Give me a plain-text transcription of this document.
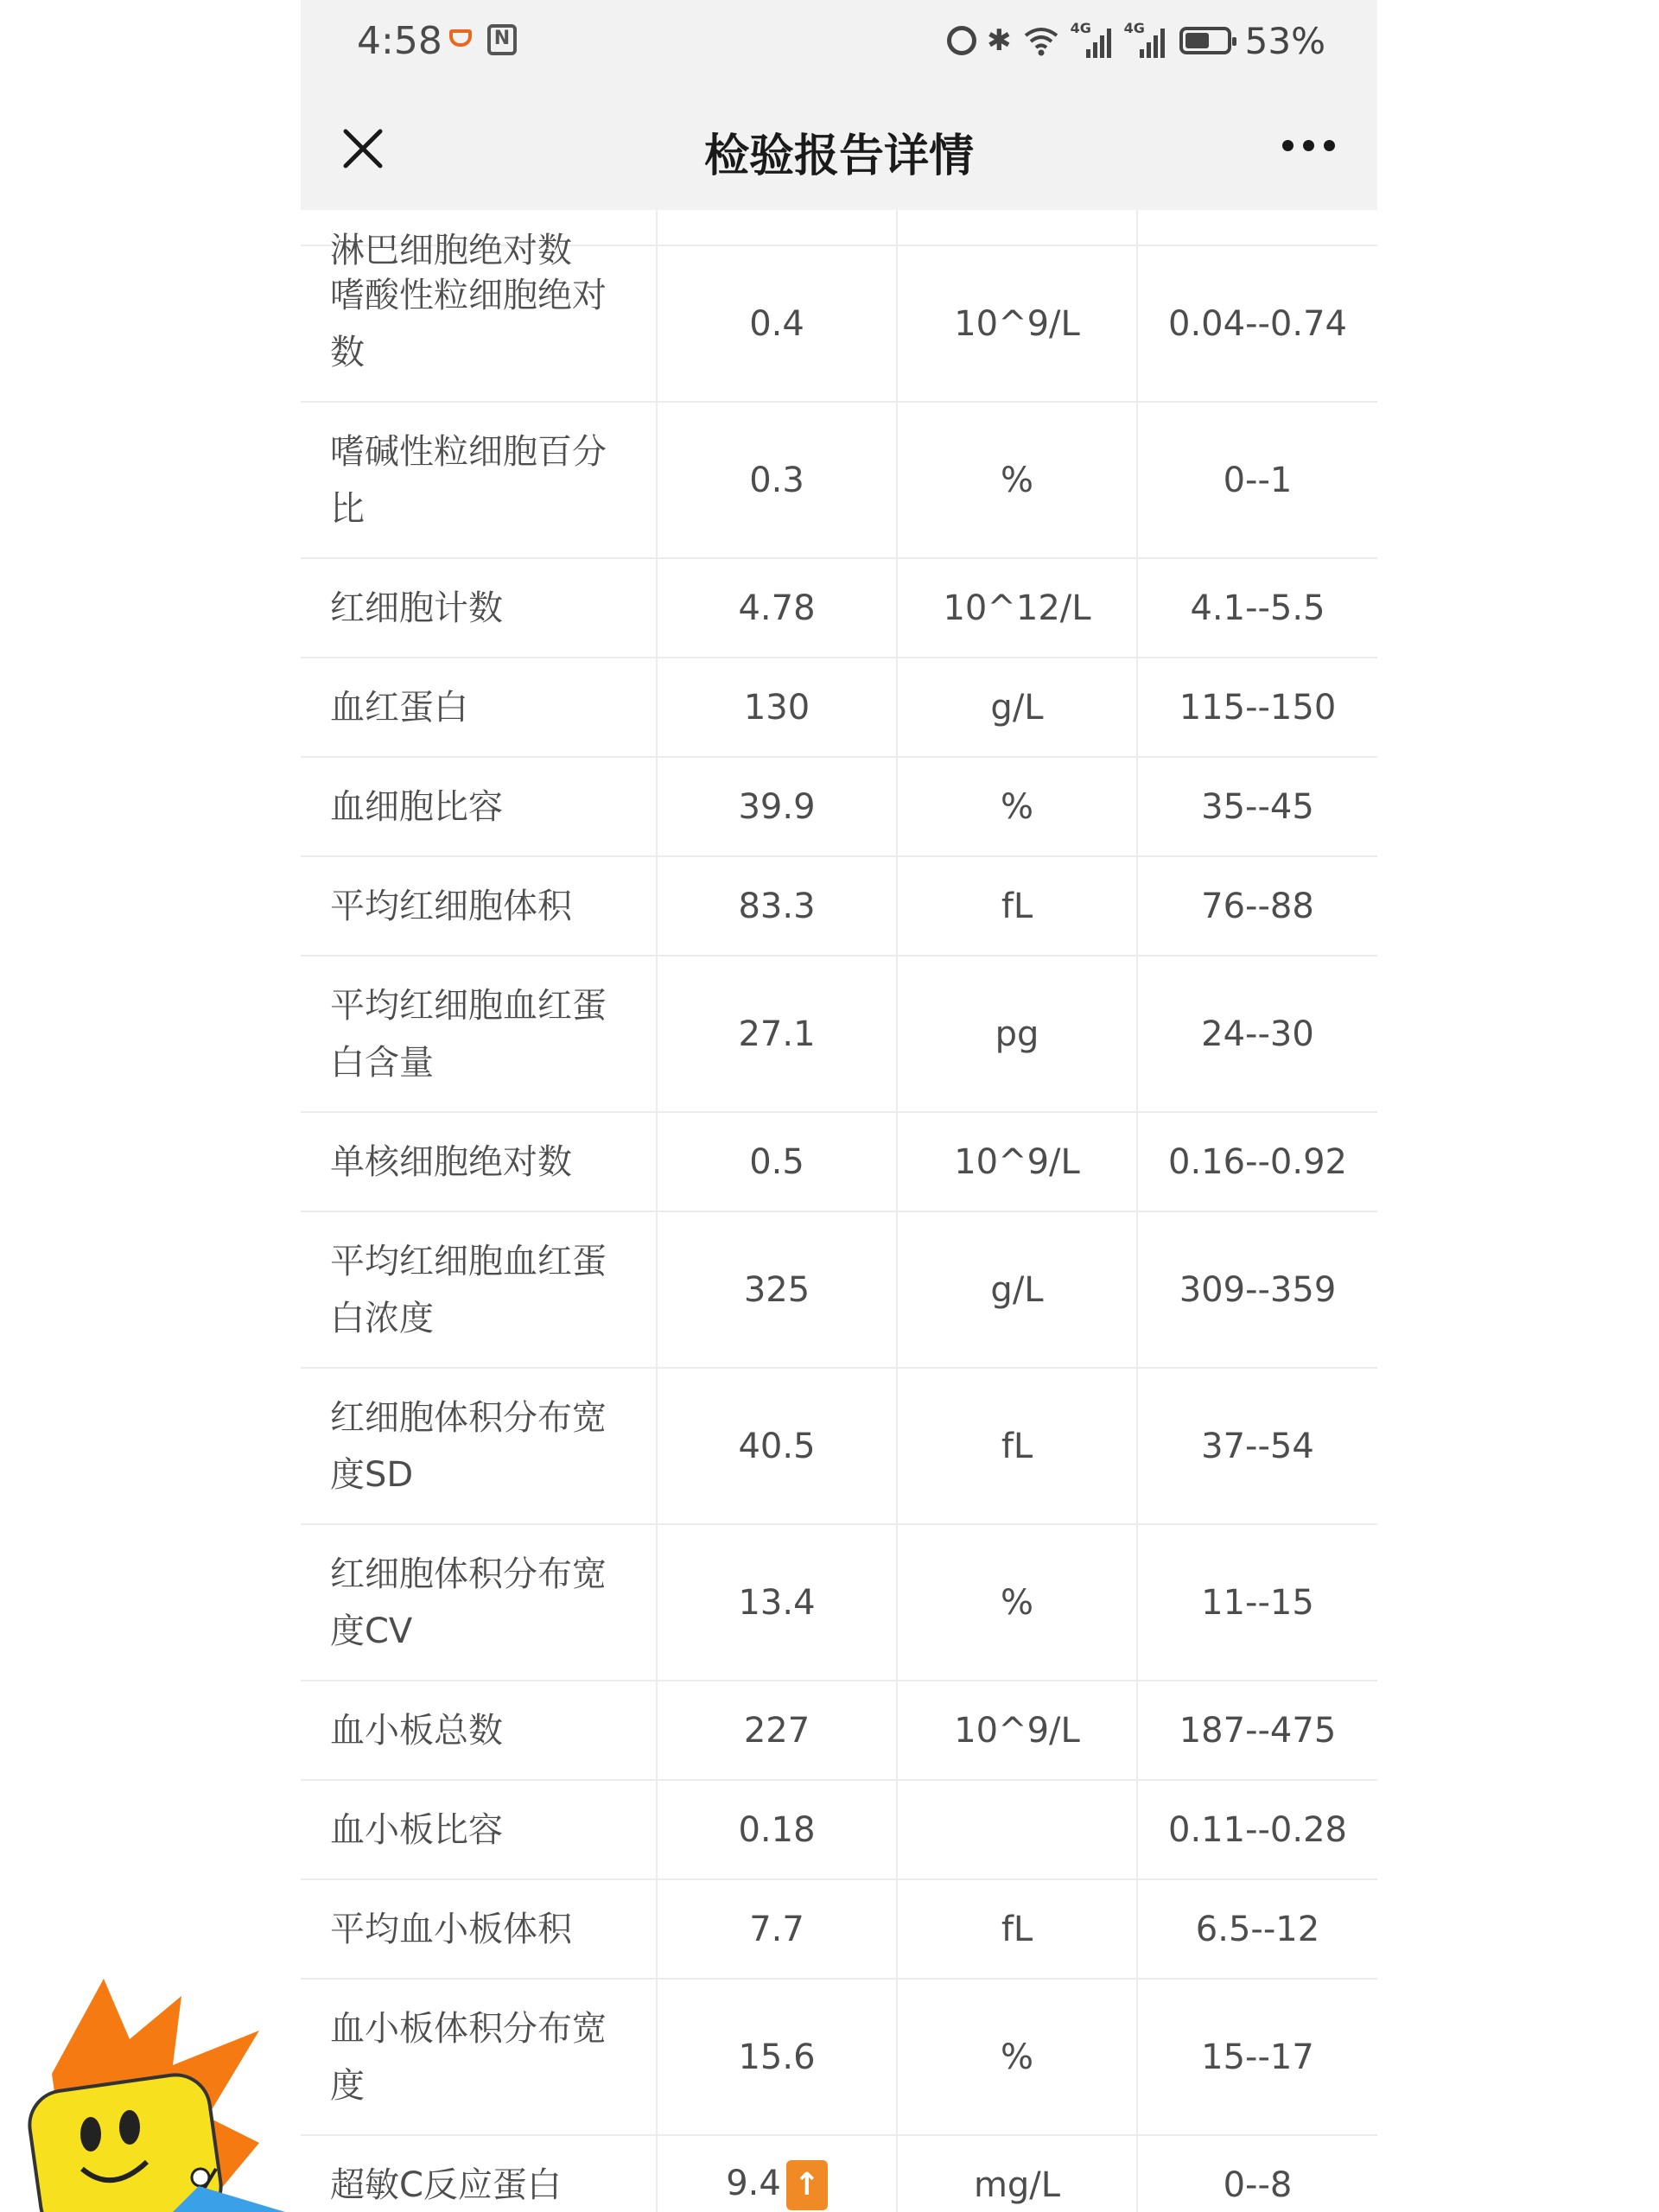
4:58	N	✱	4G 4G	53%
检验报告详情
淋巴细胞绝对数			

嗜酸性粒细胞绝对数	0.4	10^9/L	0.04--0.74
嗜碱性粒细胞百分比	0.3	%	0--1
红细胞计数	4.78	10^12/L	4.1--5.5
血红蛋白	130	g/L	115--150
血细胞比容	39.9	%	35--45
平均红细胞体积	83.3	fL	76--88
平均红细胞血红蛋白含量	27.1	pg	24--30
单核细胞绝对数	0.5	10^9/L	0.16--0.92
平均红细胞血红蛋白浓度	325	g/L	309--359
红细胞体积分布宽度SD	40.5	fL	37--54
红细胞体积分布宽度CV	13.4	%	11--15
血小板总数	227	10^9/L	187--475
血小板比容	0.18		0.11--0.28
平均血小板体积	7.7	fL	6.5--12
血小板体积分布宽度	15.6	%	15--17
超敏C反应蛋白	9.4 ↑	mg/L	0--8	du
